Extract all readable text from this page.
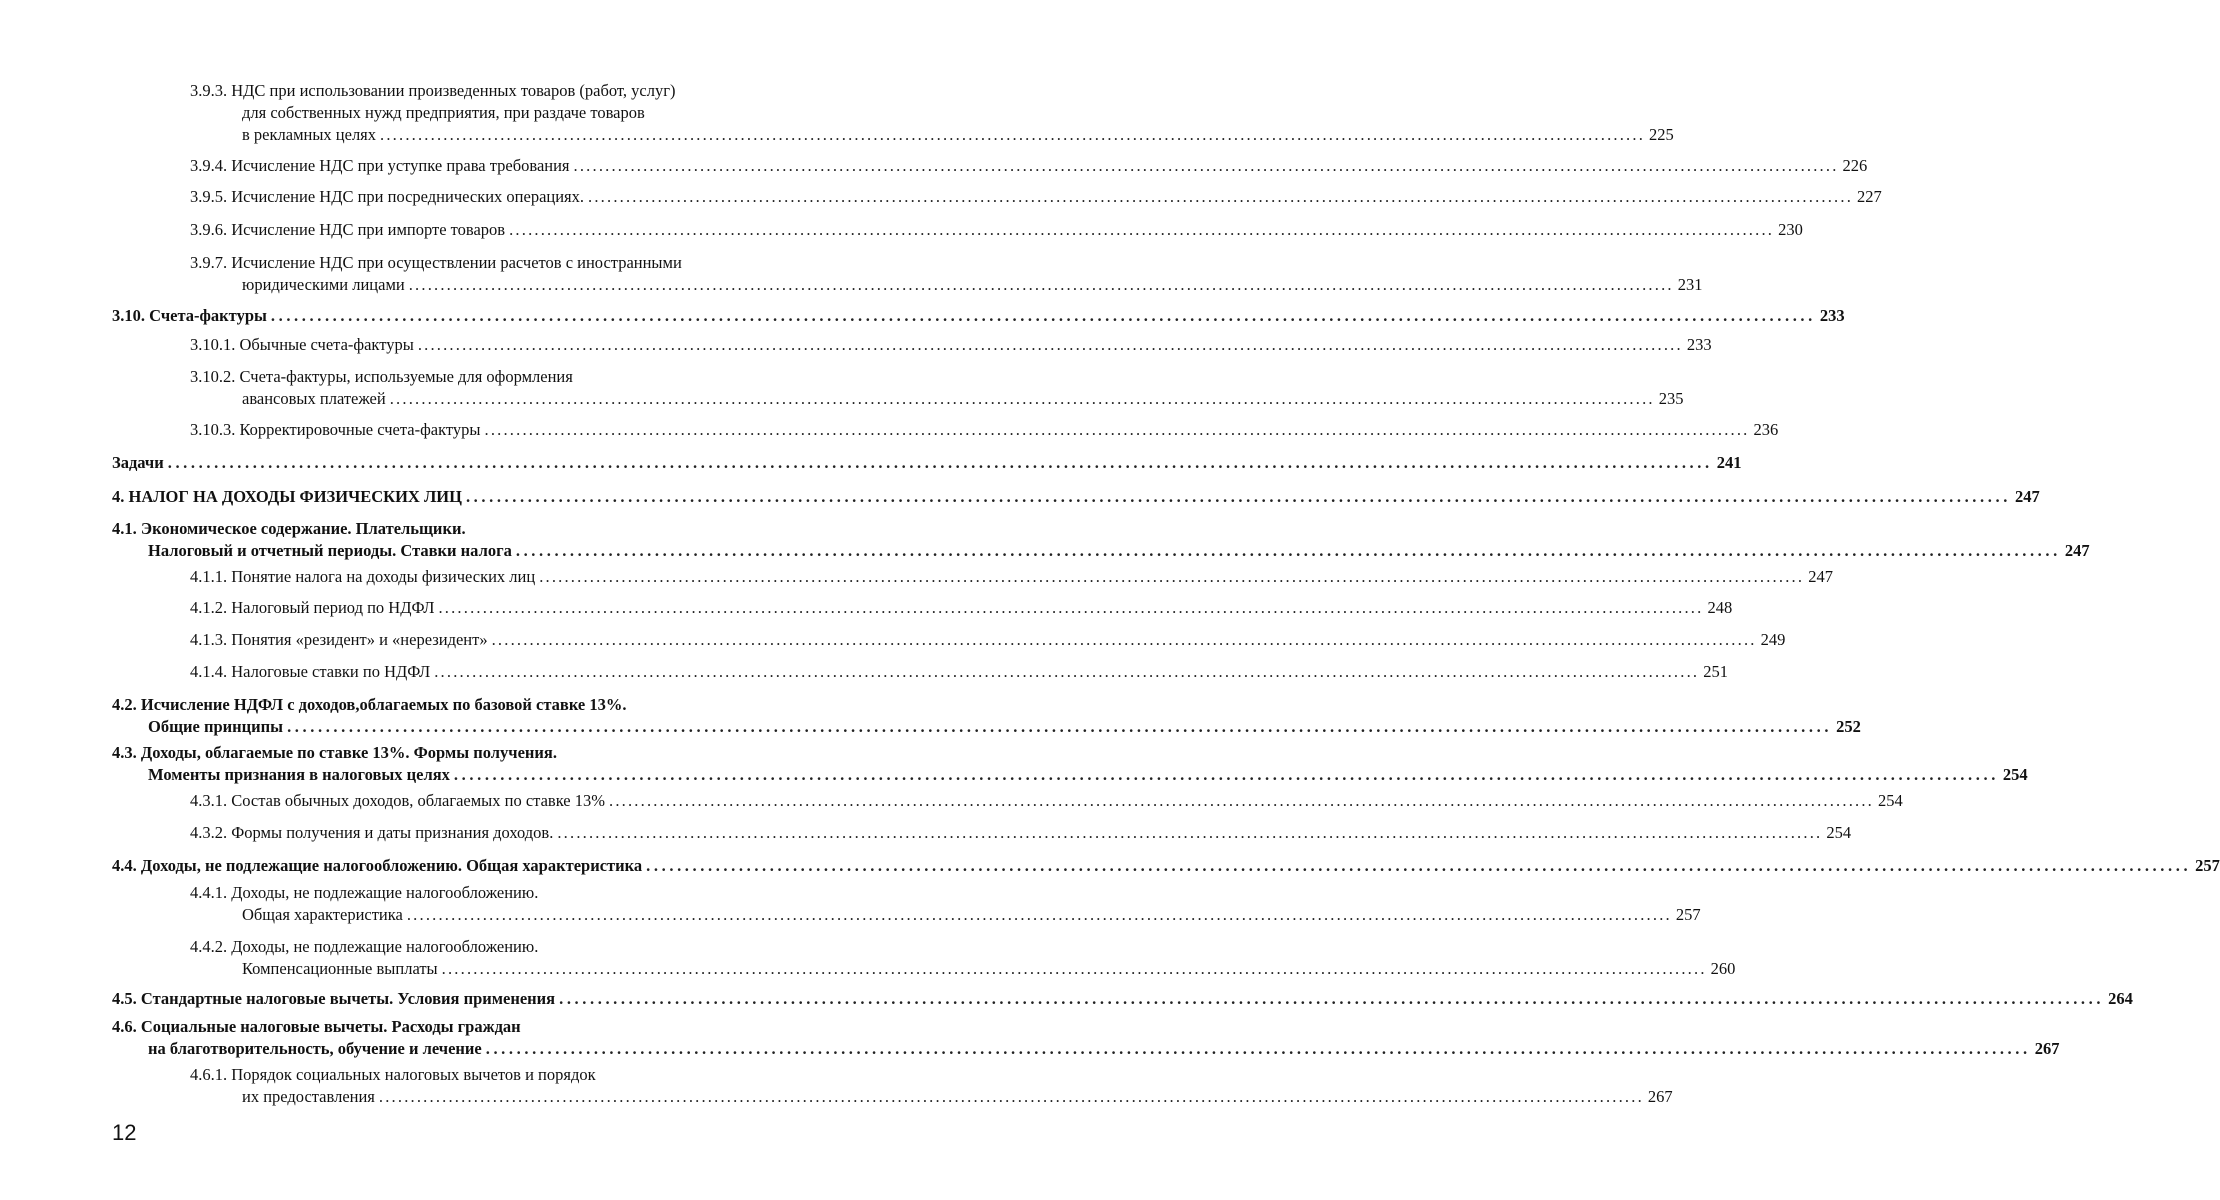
3.9.3. НДС при использовании произведенных товаров (работ, услуг)
для собственных нужд предприятия, при раздаче товаров
в рекламных целях ........................................................................................................................................................................................................ 225
3.9.4. Исчисление НДС при уступке права требования ........................................................................................................................................................................................................ 226
3.9.5. Исчисление НДС при посреднических операциях. ........................................................................................................................................................................................................ 227
3.9.6. Исчисление НДС при импорте товаров ........................................................................................................................................................................................................ 230
3.9.7. Исчисление НДС при осуществлении расчетов с иностранными
юридическими лицами ........................................................................................................................................................................................................ 231
3.10. Счета-фактуры ........................................................................................................................................................................................................ 233
3.10.1. Обычные счета-фактуры ........................................................................................................................................................................................................ 233
3.10.2. Счета-фактуры, используемые для оформления
авансовых платежей ........................................................................................................................................................................................................ 235
3.10.3. Корректировочные счета-фактуры ........................................................................................................................................................................................................ 236
Задачи ........................................................................................................................................................................................................ 241
4. НАЛОГ НА ДОХОДЫ ФИЗИЧЕСКИХ ЛИЦ ........................................................................................................................................................................................................ 247
4.1. Экономическое содержание. Плательщики.
Налоговый и отчетный периоды. Ставки налога ........................................................................................................................................................................................................ 247
4.1.1. Понятие налога на доходы физических лиц ........................................................................................................................................................................................................ 247
4.1.2. Налоговый период по НДФЛ ........................................................................................................................................................................................................ 248
4.1.3. Понятия «резидент» и «нерезидент» ........................................................................................................................................................................................................ 249
4.1.4. Налоговые ставки по НДФЛ ........................................................................................................................................................................................................ 251
4.2. Исчисление НДФЛ с доходов,облагаемых по базовой ставке 13%.
Общие принципы ........................................................................................................................................................................................................ 252
4.3. Доходы, облагаемые по ставке 13%. Формы получения.
Моменты признания в налоговых целях ........................................................................................................................................................................................................ 254
4.3.1. Состав обычных доходов, облагаемых по ставке 13% ........................................................................................................................................................................................................ 254
4.3.2. Формы получения и даты признания доходов. ........................................................................................................................................................................................................ 254
4.4. Доходы, не подлежащие налогообложению. Общая характеристика ........................................................................................................................................................................................................ 257
4.4.1. Доходы, не подлежащие налогообложению.
Общая характеристика ........................................................................................................................................................................................................ 257
4.4.2. Доходы, не подлежащие налогообложению.
Компенсационные выплаты ........................................................................................................................................................................................................ 260
4.5. Стандартные налоговые вычеты. Условия применения ........................................................................................................................................................................................................ 264
4.6. Социальные налоговые вычеты. Расходы граждан
на благотворительность, обучение и лечение ........................................................................................................................................................................................................ 267
4.6.1. Порядок социальных налоговых вычетов и порядок
их предоставления ........................................................................................................................................................................................................ 267
12
